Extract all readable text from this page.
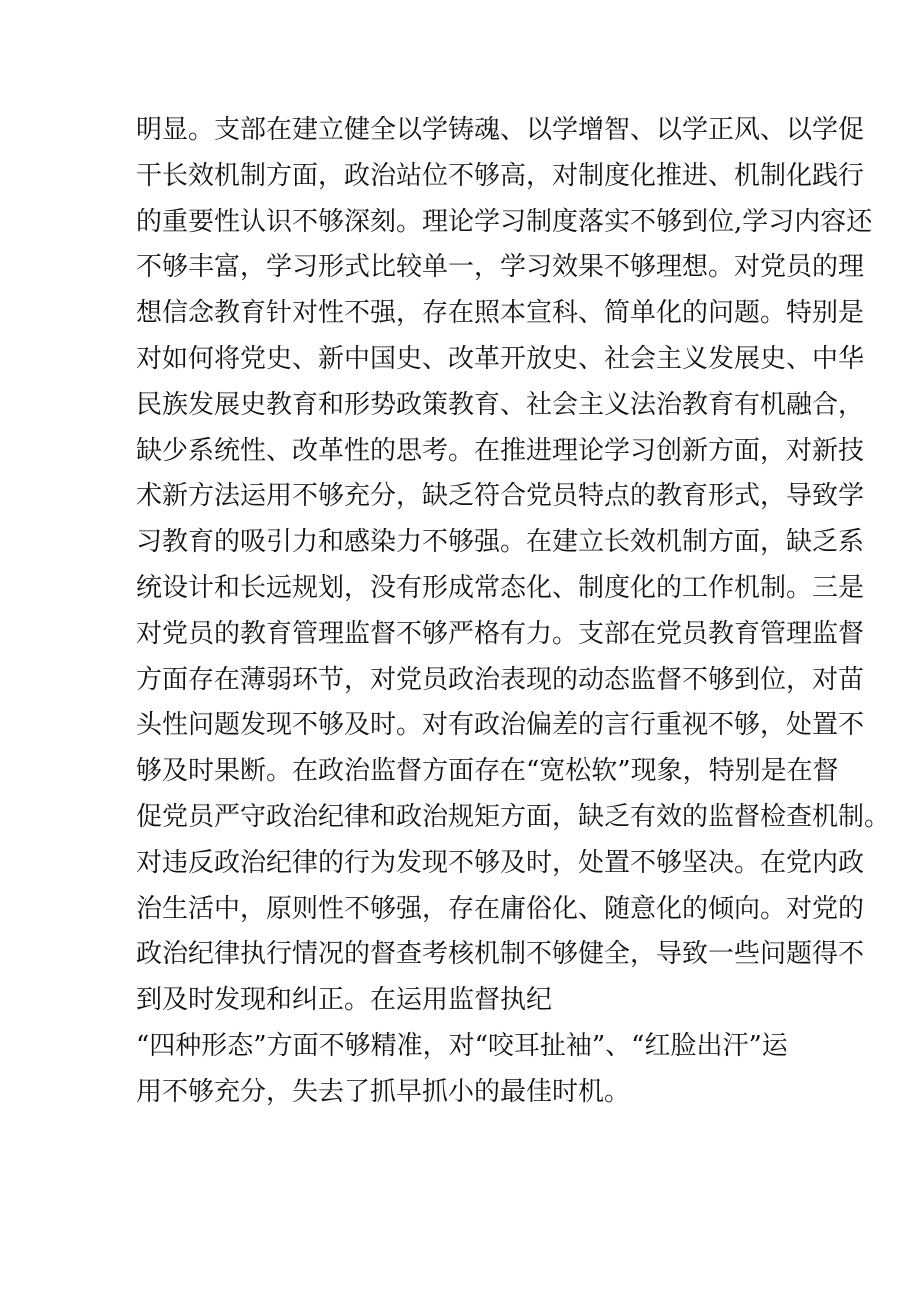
明显。支部在建立健全以学铸魂、以学增智、以学正风、以学促
干长效机制方面，政治站位不够高，对制度化推进、机制化践行
的重要性认识不够深刻。理论学习制度落实不够到位,学习内容还
不够丰富，学习形式比较单一，学习效果不够理想。对党员的理
想信念教育针对性不强，存在照本宣科、简单化的问题。特别是
对如何将党史、新中国史、改革开放史、社会主义发展史、中华
民族发展史教育和形势政策教育、社会主义法治教育有机融合，
缺少系统性、改革性的思考。在推进理论学习创新方面，对新技
术新方法运用不够充分，缺乏符合党员特点的教育形式，导致学
习教育的吸引力和感染力不够强。在建立长效机制方面，缺乏系
统设计和长远规划，没有形成常态化、制度化的工作机制。三是
对党员的教育管理监督不够严格有力。支部在党员教育管理监督
方面存在薄弱环节，对党员政治表现的动态监督不够到位，对苗
头性问题发现不够及时。对有政治偏差的言行重视不够，处置不
够及时果断。在政治监督方面存在“宽松软”现象，特别是在督
促党员严守政治纪律和政治规矩方面，缺乏有效的监督检查机制。
对违反政治纪律的行为发现不够及时，处置不够坚决。在党内政
治生活中，原则性不够强，存在庸俗化、随意化的倾向。对党的
政治纪律执行情况的督查考核机制不够健全，导致一些问题得不
到及时发现和纠正。在运用监督执纪
“四种形态”方面不够精准，对“咬耳扯袖”、“红脸出汗”运
用不够充分，失去了抓早抓小的最佳时机。
